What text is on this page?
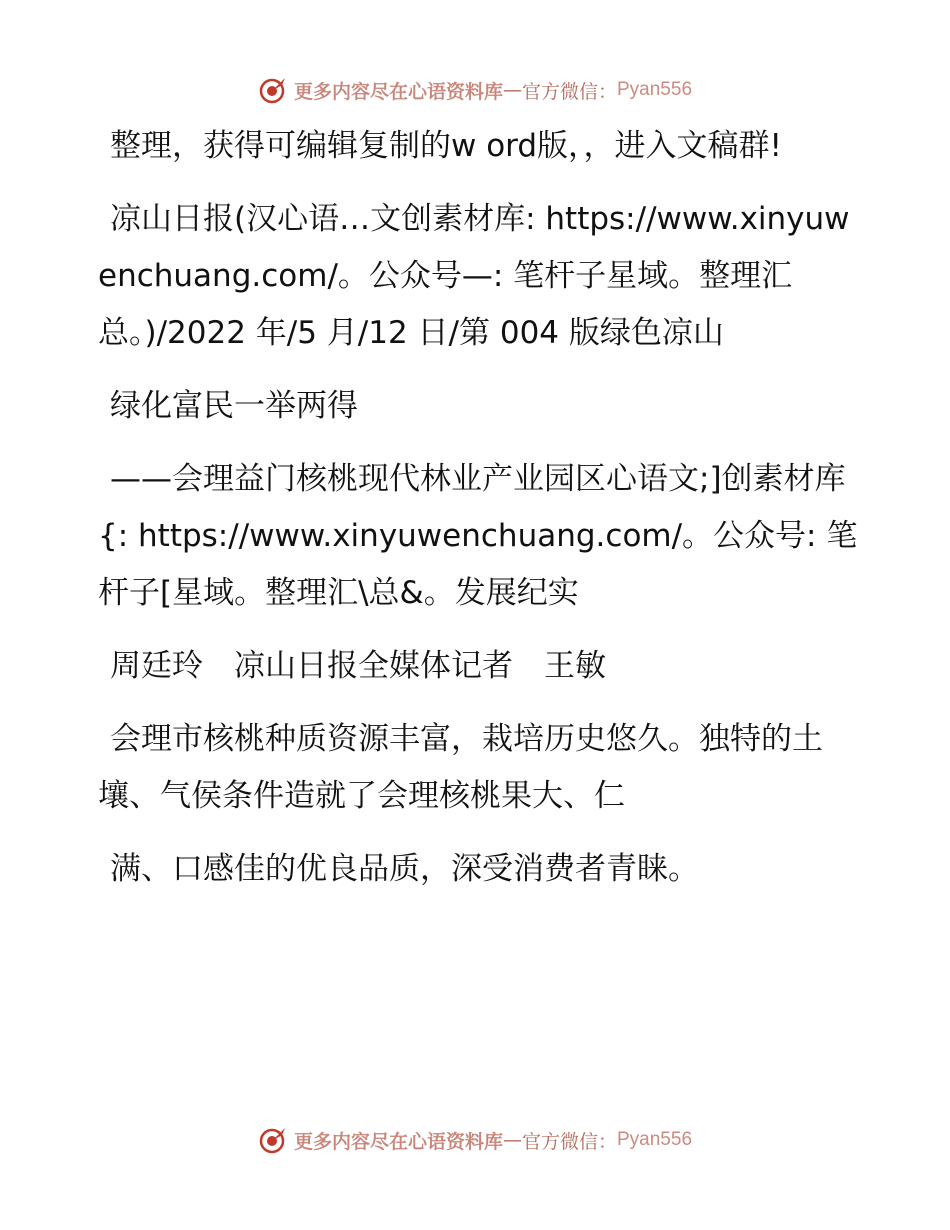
更多内容尽在心语资料库 — 官方微信： Pyan556

整理，获得可编辑复制的w ord版，，进入文稿群!

凉山日报(汉心语…文创素材库: https://www.xinyuwenchuang.com/。公众号—: 笔杆子星域。整理汇总。)/2022 年/5 月/12 日/第 004 版绿色凉山

绿化富民一举两得

——会理益门核桃现代林业产业园区心语文;]创素材库{: https://www.xinyuwenchuang.com/。公众号: 笔杆子[星域。整理汇\总&。发展纪实

周廷玲　凉山日报全媒体记者　王敏

会理市核桃种质资源丰富，栽培历史悠久。独特的土壤、气侯条件造就了会理核桃果大、仁

满、口感佳的优良品质，深受消费者青睐。

更多内容尽在心语资料库 — 官方微信： Pyan556
